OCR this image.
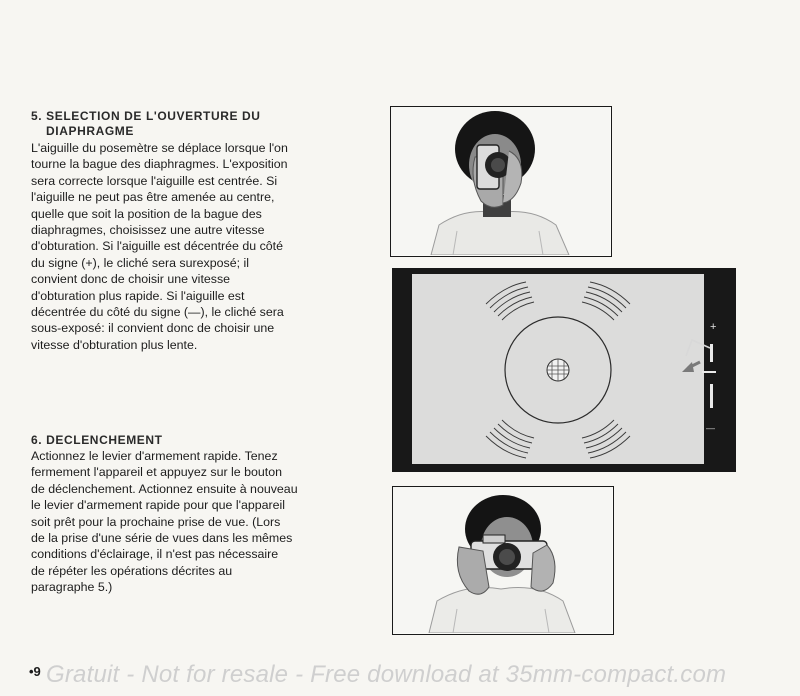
5. SELECTION DE L'OUVERTURE DU
DIAPHRAGME

L'aiguille du posemètre se déplace lorsque l'on
tourne la bague des diaphragmes. L'exposition
sera correcte lorsque l'aiguille est centrée. Si
l'aiguille ne peut pas être amenée au centre,
quelle que soit la position de la bague des
diaphragmes, choisissez une autre vitesse
d'obturation. Si l'aiguille est décentrée du côté
du signe (+), le cliché sera surexposé; il
convient donc de choisir une vitesse
d'obturation plus rapide. Si l'aiguille est
décentrée du côté du signe (—), le cliché sera
sous-exposé: il convient donc de choisir une
vitesse d'obturation plus lente.

6. DECLENCHEMENT

Actionnez le levier d'armement rapide. Tenez
fermement l'appareil et appuyez sur le bouton
de déclenchement. Actionnez ensuite à nouveau
le levier d'armement rapide pour que l'appareil
soit prêt pour la prochaine prise de vue. (Lors
de la prise d'une série de vues dans les mêmes
conditions d'éclairage, il n'est pas nécessaire
de répéter les opérations décrites au
paragraphe 5.)

+
—
•9 Gratuit - Not for resale - Free download at 35mm-compact.com
